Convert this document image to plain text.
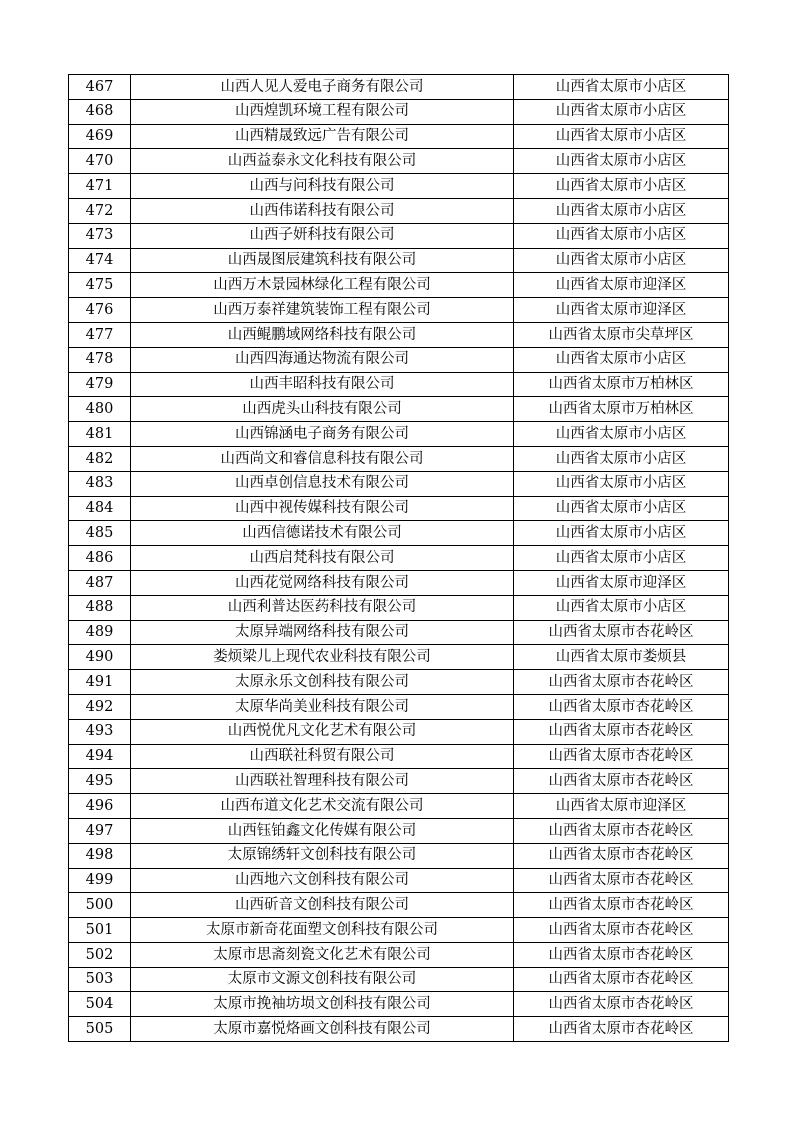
467	山西人见人爱电子商务有限公司	山西省太原市小店区
468	山西煌凯环境工程有限公司	山西省太原市小店区
469	山西精晟致远广告有限公司	山西省太原市小店区
470	山西益泰永文化科技有限公司	山西省太原市小店区
471	山西与问科技有限公司	山西省太原市小店区
472	山西伟诺科技有限公司	山西省太原市小店区
473	山西子妍科技有限公司	山西省太原市小店区
474	山西晟图辰建筑科技有限公司	山西省太原市小店区
475	山西万木景园林绿化工程有限公司	山西省太原市迎泽区
476	山西万泰祥建筑装饰工程有限公司	山西省太原市迎泽区
477	山西鲲鹏域网络科技有限公司	山西省太原市尖草坪区
478	山西四海通达物流有限公司	山西省太原市小店区
479	山西丰昭科技有限公司	山西省太原市万柏林区
480	山西虎头山科技有限公司	山西省太原市万柏林区
481	山西锦涵电子商务有限公司	山西省太原市小店区
482	山西尚文和睿信息科技有限公司	山西省太原市小店区
483	山西卓创信息技术有限公司	山西省太原市小店区
484	山西中视传媒科技有限公司	山西省太原市小店区
485	山西信德诺技术有限公司	山西省太原市小店区
486	山西启梵科技有限公司	山西省太原市小店区
487	山西花觉网络科技有限公司	山西省太原市迎泽区
488	山西利普达医药科技有限公司	山西省太原市小店区
489	太原异端网络科技有限公司	山西省太原市杏花岭区
490	娄烦梁儿上现代农业科技有限公司	山西省太原市娄烦县
491	太原永乐文创科技有限公司	山西省太原市杏花岭区
492	太原华尚美业科技有限公司	山西省太原市杏花岭区
493	山西悦优凡文化艺术有限公司	山西省太原市杏花岭区
494	山西联社科贸有限公司	山西省太原市杏花岭区
495	山西联社智理科技有限公司	山西省太原市杏花岭区
496	山西布道文化艺术交流有限公司	山西省太原市迎泽区
497	山西钰铂鑫文化传媒有限公司	山西省太原市杏花岭区
498	太原锦绣轩文创科技有限公司	山西省太原市杏花岭区
499	山西地六文创科技有限公司	山西省太原市杏花岭区
500	山西斫音文创科技有限公司	山西省太原市杏花岭区
501	太原市新奇花面塑文创科技有限公司	山西省太原市杏花岭区
502	太原市思斋刻瓷文化艺术有限公司	山西省太原市杏花岭区
503	太原市文源文创科技有限公司	山西省太原市杏花岭区
504	太原市挽袖坊埙文创科技有限公司	山西省太原市杏花岭区
505	太原市嘉悦烙画文创科技有限公司	山西省太原市杏花岭区
